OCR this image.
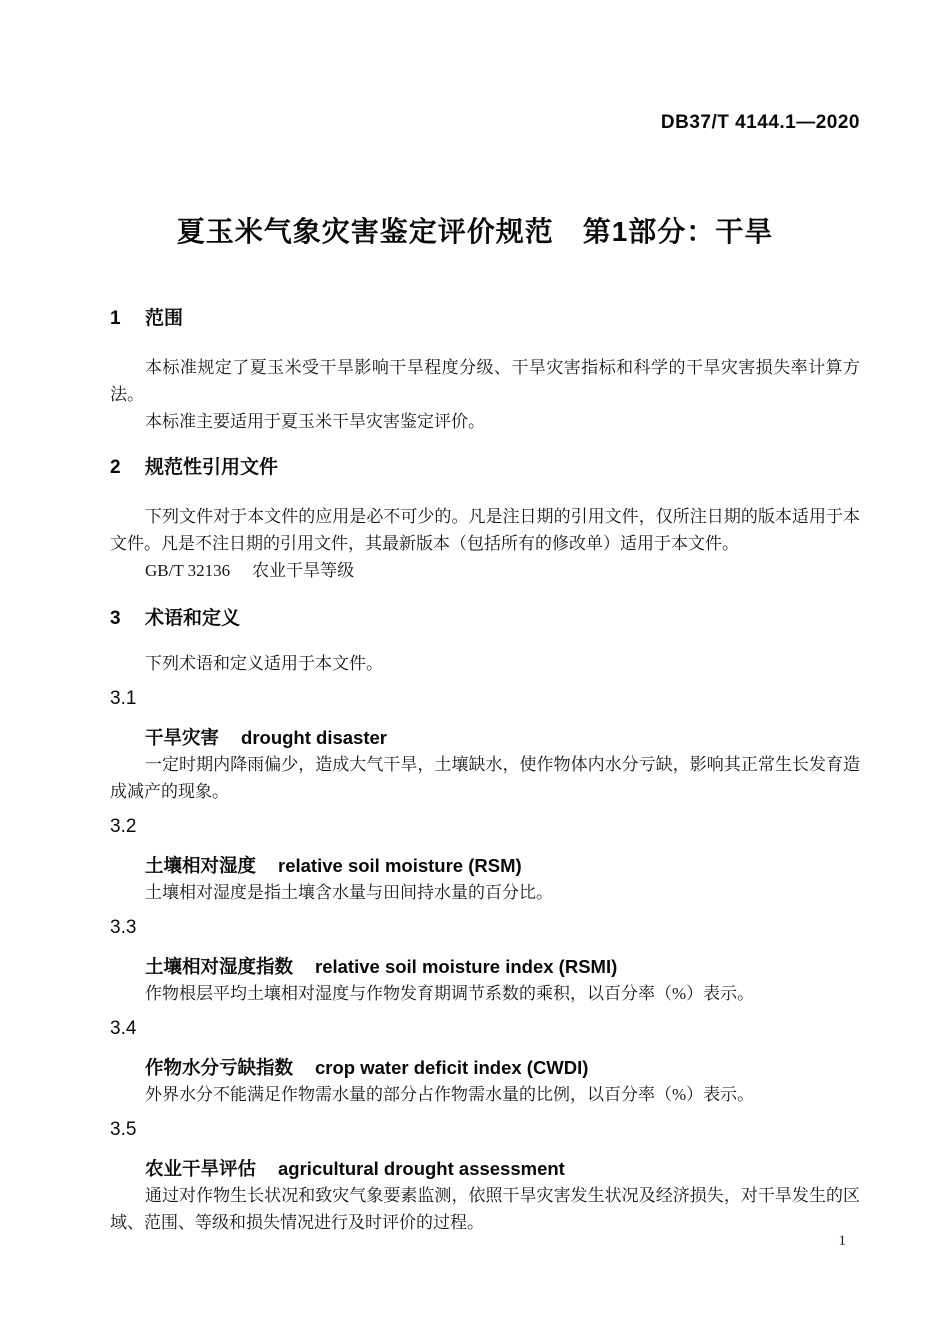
DB37/T 4144.1—2020
夏玉米气象灾害鉴定评价规范　第1部分：干旱
1 范围

本标准规定了夏玉米受干旱影响干旱程度分级、干旱灾害指标和科学的干旱灾害损失率计算方法。

本标准主要适用于夏玉米干旱灾害鉴定评价。

2 规范性引用文件

下列文件对于本文件的应用是必不可少的。凡是注日期的引用文件，仅所注日期的版本适用于本文件。凡是不注日期的引用文件，其最新版本（包括所有的修改单）适用于本文件。

GB/T 32136 农业干旱等级
3 术语和定义

下列术语和定义适用于本文件。

3.1
干旱灾害 drought disaster

一定时期内降雨偏少，造成大气干旱，土壤缺水，使作物体内水分亏缺，影响其正常生长发育造成减产的现象。

3.2
土壤相对湿度 relative soil moisture (RSM)

土壤相对湿度是指土壤含水量与田间持水量的百分比。

3.3
土壤相对湿度指数 relative soil moisture index (RSMI)

作物根层平均土壤相对湿度与作物发育期调节系数的乘积，以百分率（%）表示。

3.4
作物水分亏缺指数 crop water deficit index (CWDI)

外界水分不能满足作物需水量的部分占作物需水量的比例，以百分率（%）表示。

3.5
农业干旱评估 agricultural drought assessment

通过对作物生长状况和致灾气象要素监测，依照干旱灾害发生状况及经济损失，对干旱发生的区域、范围、等级和损失情况进行及时评价的过程。

1
